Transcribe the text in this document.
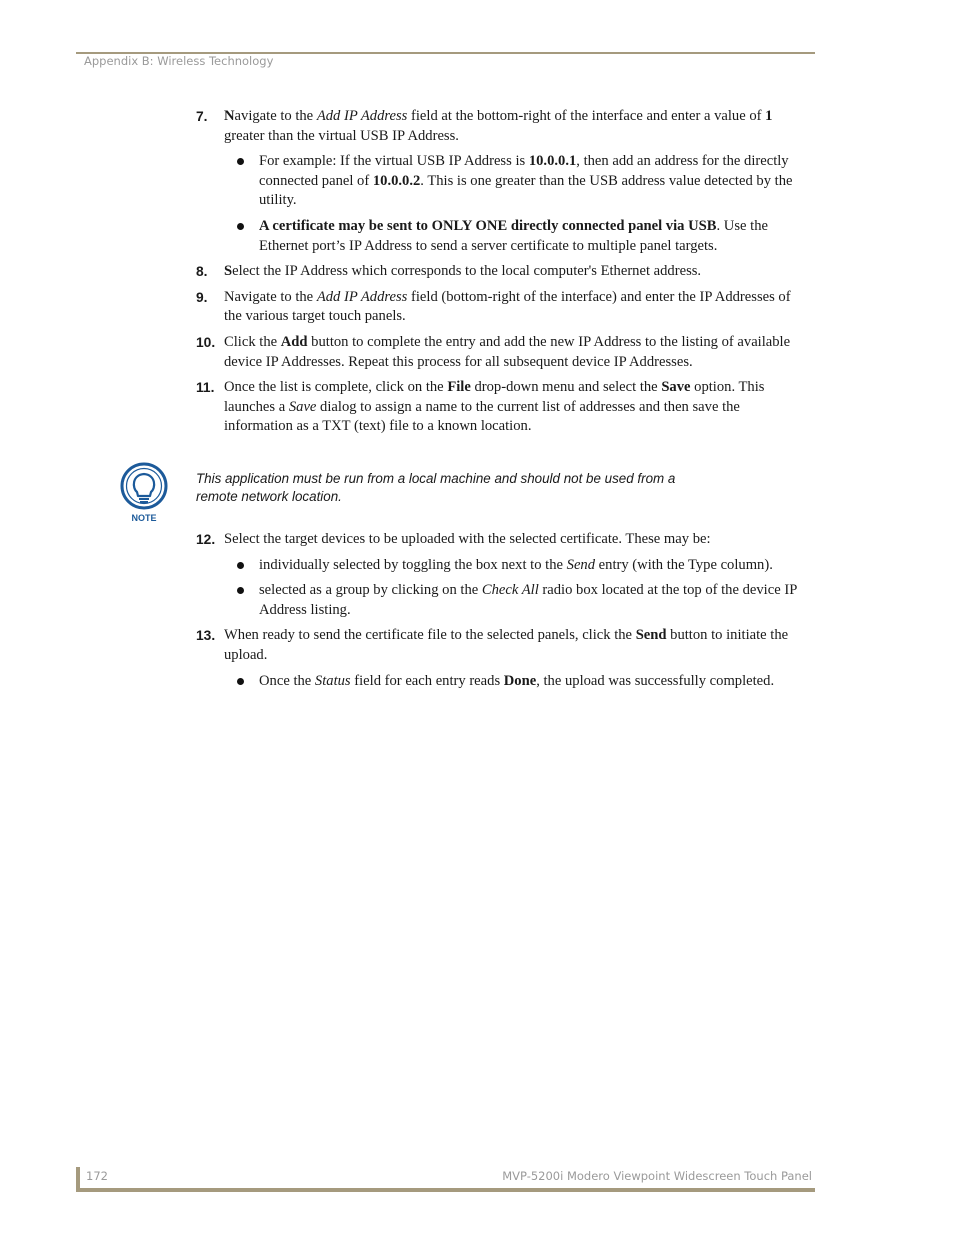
Appendix B: Wireless Technology
7. Navigate to the Add IP Address field at the bottom-right of the interface and enter a value of 1 greater than the virtual USB IP Address.
For example: If the virtual USB IP Address is 10.0.0.1, then add an address for the directly connected panel of 10.0.0.2. This is one greater than the USB address value detected by the utility.
A certificate may be sent to ONLY ONE directly connected panel via USB. Use the Ethernet port’s IP Address to send a server certificate to multiple panel targets.
8. Select the IP Address which corresponds to the local computer's Ethernet address.
9. Navigate to the Add IP Address field (bottom-right of the interface) and enter the IP Addresses of the various target touch panels.
10. Click the Add button to complete the entry and add the new IP Address to the listing of available device IP Addresses. Repeat this process for all subsequent device IP Addresses.
11. Once the list is complete, click on the File drop-down menu and select the Save option. This launches a Save dialog to assign a name to the current list of addresses and then save the information as a TXT (text) file to a known location.
NOTE
This application must be run from a local machine and should not be used from a remote network location.
12. Select the target devices to be uploaded with the selected certificate. These may be:
individually selected by toggling the box next to the Send entry (with the Type column).
selected as a group by clicking on the Check All radio box located at the top of the device IP Address listing.
13. When ready to send the certificate file to the selected panels, click the Send button to initiate the upload.
Once the Status field for each entry reads Done, the upload was successfully completed.
172	MVP-5200i Modero Viewpoint Widescreen Touch Panel
